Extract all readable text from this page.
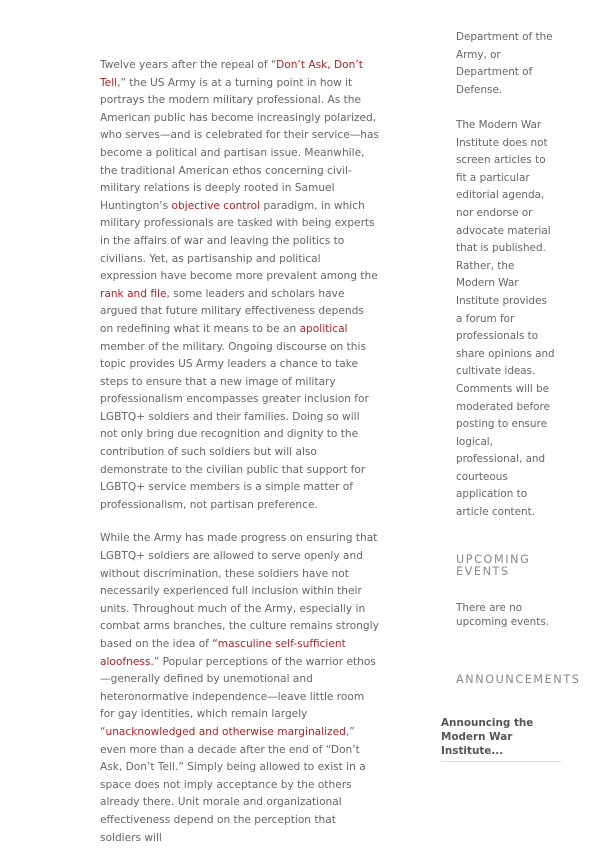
Twelve years after the repeal of “Don’t Ask, Don’t Tell,” the US Army is at a turning point in how it portrays the modern military professional. As the American public has become increasingly polarized, who serves—and is celebrated for their service—has become a political and partisan issue. Meanwhile, the traditional American ethos concerning civil-military relations is deeply rooted in Samuel Huntington’s objective control paradigm, in which military professionals are tasked with being experts in the affairs of war and leaving the politics to civilians. Yet, as partisanship and political expression have become more prevalent among the rank and file, some leaders and scholars have argued that future military effectiveness depends on redefining what it means to be an apolitical member of the military. Ongoing discourse on this topic provides US Army leaders a chance to take steps to ensure that a new image of military professionalism encompasses greater inclusion for LGBTQ+ soldiers and their families. Doing so will not only bring due recognition and dignity to the contribution of such soldiers but will also demonstrate to the civilian public that support for LGBTQ+ service members is a simple matter of professionalism, not partisan preference.

While the Army has made progress on ensuring that LGBTQ+ soldiers are allowed to serve openly and without discrimination, these soldiers have not necessarily experienced full inclusion within their units. Throughout much of the Army, especially in combat arms branches, the culture remains strongly based on the idea of “masculine self-sufficient aloofness.” Popular perceptions of the warrior ethos—generally defined by unemotional and heteronormative independence—leave little room for gay identities, which remain largely “unacknowledged and otherwise marginalized,” even more than a decade after the end of “Don’t Ask, Don’t Tell.” Simply being allowed to exist in a space does not imply acceptance by the others already there. Unit morale and organizational effectiveness depend on the perception that soldiers will

Department of the Army, or Department of Defense.

The Modern War Institute does not screen articles to fit a particular editorial agenda, nor endorse or advocate material that is published. Rather, the Modern War Institute provides a forum for professionals to share opinions and cultivate ideas. Comments will be moderated before posting to ensure logical, professional, and courteous application to article content.

UPCOMING EVENTS

There are no upcoming events.

ANNOUNCEMENTS
Announcing the Modern War Institute...
